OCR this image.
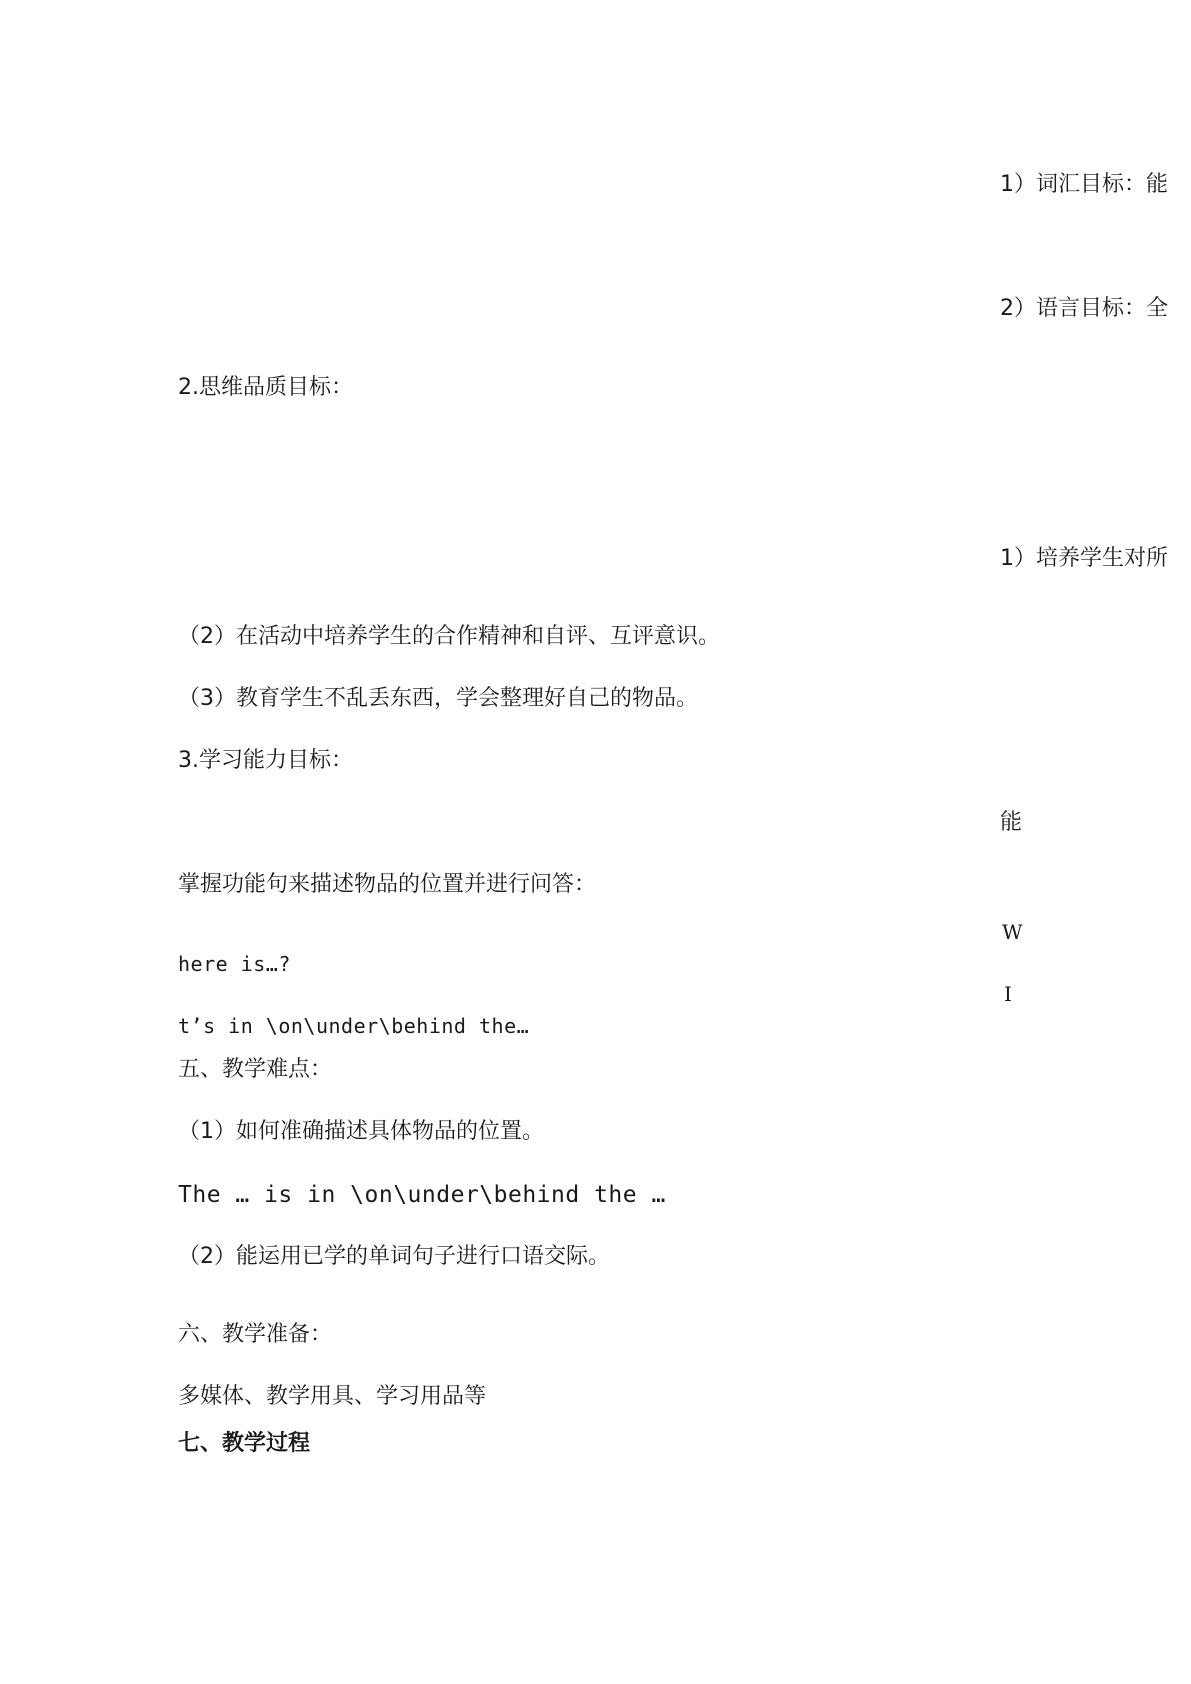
1）词汇目标：能
2）语言目标：全
1）培养学生对所
能
W
I
2.思维品质目标：
（2）在活动中培养学生的合作精神和自评、互评意识。
（3）教育学生不乱丢东西，学会整理好自己的物品。
3.学习能力目标：
掌握功能句来描述物品的位置并进行问答：
here is…?
t’s in \on\under\behind the…
五、教学难点：
（1）如何准确描述具体物品的位置。
The … is in \on\under\behind the …
（2）能运用已学的单词句子进行口语交际。
六、教学准备：
多媒体、教学用具、学习用品等
七、教学过程
